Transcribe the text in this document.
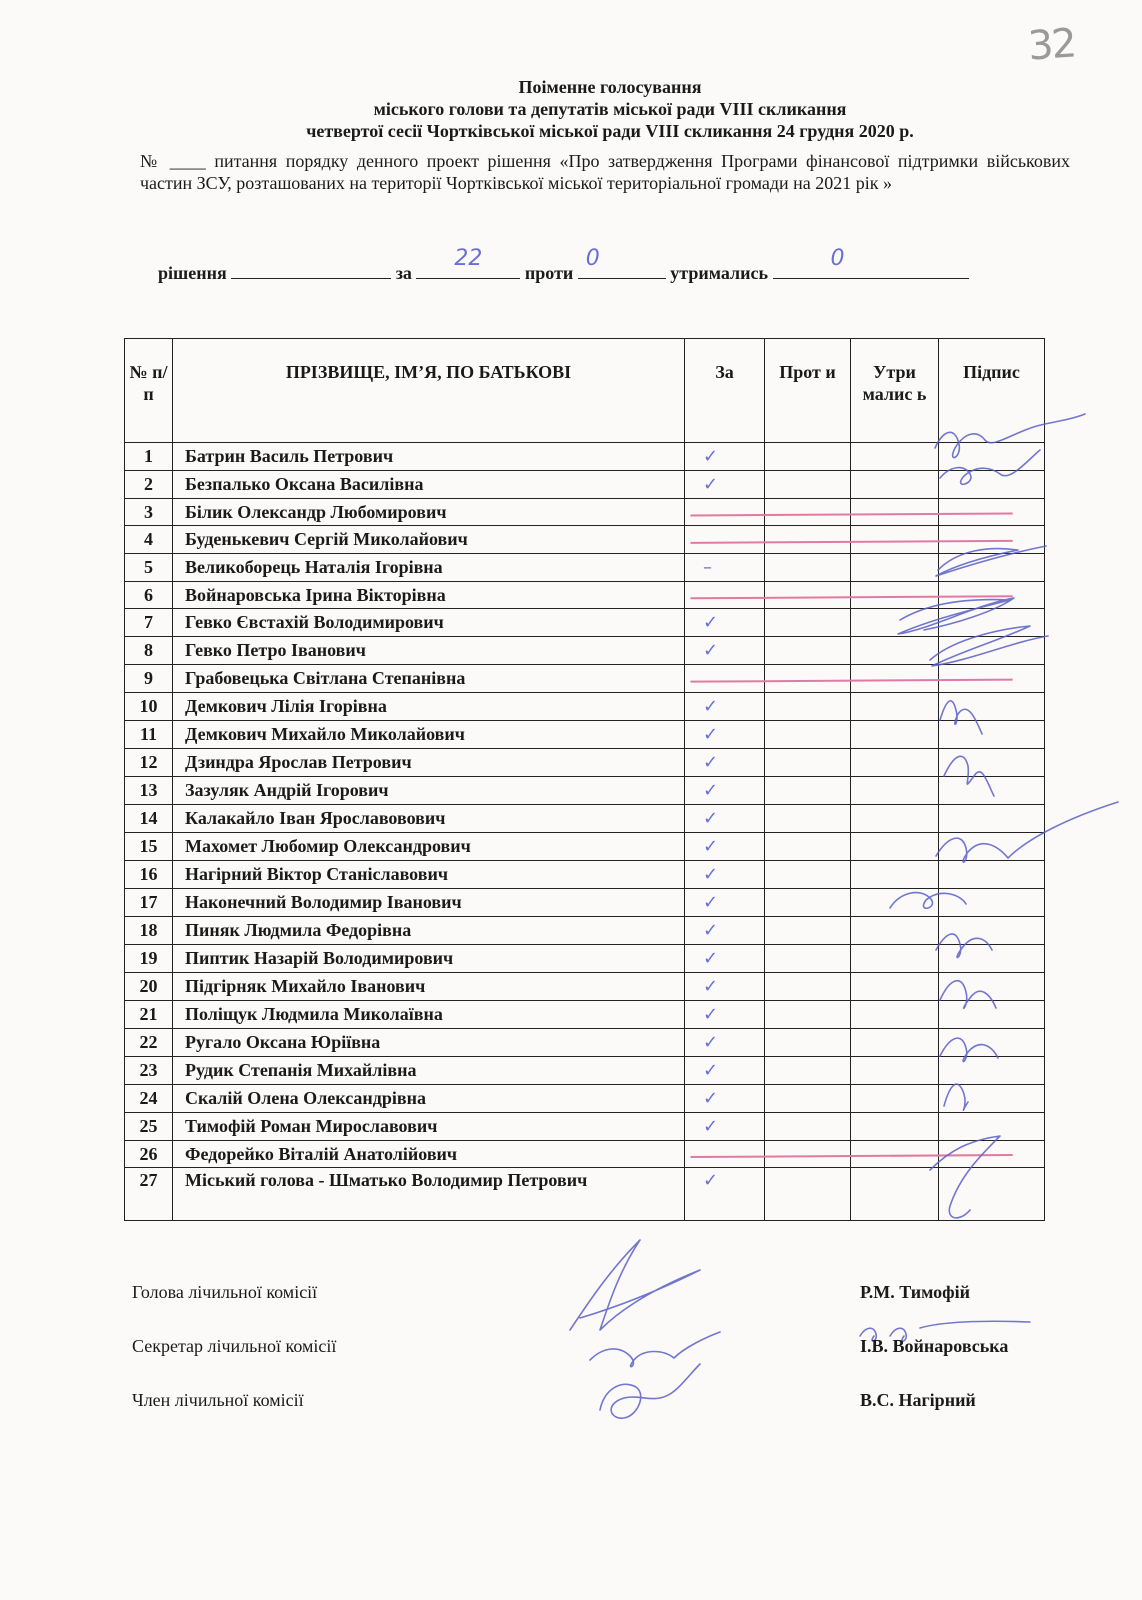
32
Поіменне голосування
міського голови та депутатів міської ради VIII скликання
четвертої сесії Чортківської міської ради VIII скликання 24 грудня 2020 р.
№ ____ питання порядку денного проект рішення «Про затвердження Програми фінансової підтримки військових частин ЗСУ, розташованих на території Чортківської міської територіальної громади на 2021 рік »
рішення	за
22
проти
0
утримались
0
№ п/п	ПРІЗВИЩЕ, ІМ’Я, ПО БАТЬКОВІ	За	Прот и	Утри малис ь	Підпис
1	Батрин Василь Петрович	✓			
2	Безпалько Оксана Василівна	✓			
3	Білик Олександр Любомирович				
4	Буденькевич Сергій Миколайович				
5	Великоборець Наталія Ігорівна	–			
6	Войнаровська Ірина Вікторівна				
7	Гевко Євстахій Володимирович	✓			
8	Гевко Петро Іванович	✓			
9	Грабовецька Світлана Степанівна				
10	Демкович Лілія Ігорівна	✓			
11	Демкович Михайло Миколайович	✓			
12	Дзиндра Ярослав Петрович	✓			
13	Зазуляк Андрій Ігорович	✓			
14	Калакайло Іван Ярославовович	✓			
15	Махомет Любомир Олександрович	✓			
16	Нагірний Віктор Станіславович	✓			
17	Наконечний Володимир Іванович	✓			
18	Пиняк Людмила Федорівна	✓			
19	Пиптик Назарій Володимирович	✓			
20	Підгірняк Михайло Іванович	✓			
21	Поліщук Людмила Миколаївна	✓			
22	Ругало Оксана Юріївна	✓			
23	Рудик Степанія Михайлівна	✓			
24	Скалій Олена Олександрівна	✓			
25	Тимофій Роман Мирославович	✓			
26	Федорейко Віталій Анатолійович				
27	Міський голова - Шматько Володимир Петрович	✓			
Голова лічильної комісії	Р.М. Тимофій
Секретар лічильної комісії	І.В. Войнаровська
Член лічильної комісії	В.С. Нагірний
